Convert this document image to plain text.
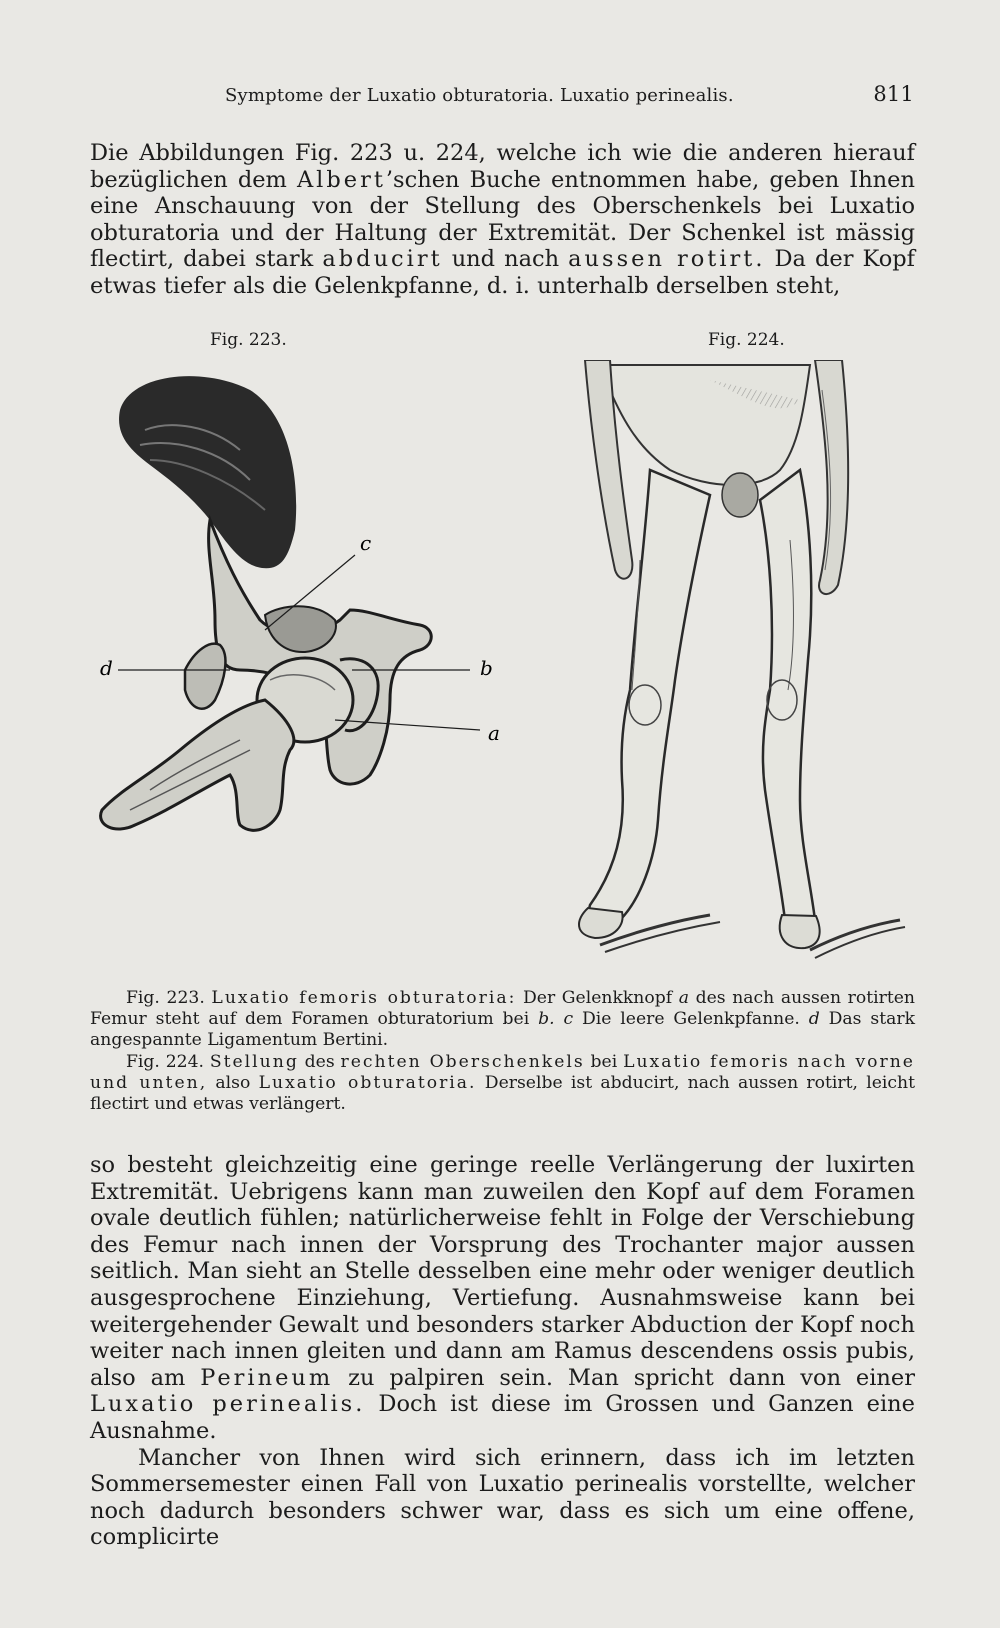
Symptome der Luxatio obturatoria. Luxatio perinealis.	811

Die Abbildungen Fig. 223 u. 224, welche ich wie die anderen hierauf bezüglichen dem Albert’schen Buche entnommen habe, geben Ihnen eine Anschauung von der Stellung des Oberschenkels bei Luxatio obturatoria und der Haltung der Extremität. Der Schenkel ist mässig flectirt, dabei stark abducirt und nach aussen rotirt. Da der Kopf etwas tiefer als die Gelenkpfanne, d. i. unterhalb derselben steht,

Fig. 223.	Fig. 224.
c
d	b
a

Fig. 223. Luxatio femoris obturatoria: Der Gelenkknopf a des nach aussen rotirten Femur steht auf dem Foramen obturatorium bei b. c Die leere Gelenkpfanne. d Das stark angespannte Ligamentum Bertini.

Fig. 224. Stellung des rechten Oberschenkels bei Luxatio femoris nach vorne und unten, also Luxatio obturatoria. Derselbe ist abducirt, nach aussen rotirt, leicht flectirt und etwas verlängert.

so besteht gleichzeitig eine geringe reelle Verlängerung der luxirten Extremität. Uebrigens kann man zuweilen den Kopf auf dem Foramen ovale deutlich fühlen; natürlicherweise fehlt in Folge der Verschiebung des Femur nach innen der Vorsprung des Trochanter major aussen seitlich. Man sieht an Stelle desselben eine mehr oder weniger deutlich ausgesprochene Einziehung, Vertiefung. Ausnahmsweise kann bei weitergehender Gewalt und besonders starker Abduction der Kopf noch weiter nach innen gleiten und dann am Ramus descendens ossis pubis, also am Perineum zu palpiren sein. Man spricht dann von einer Luxatio perinealis. Doch ist diese im Grossen und Ganzen eine Ausnahme.

Mancher von Ihnen wird sich erinnern, dass ich im letzten Sommersemester einen Fall von Luxatio perinealis vorstellte, welcher noch dadurch besonders schwer war, dass es sich um eine offene, complicirte
